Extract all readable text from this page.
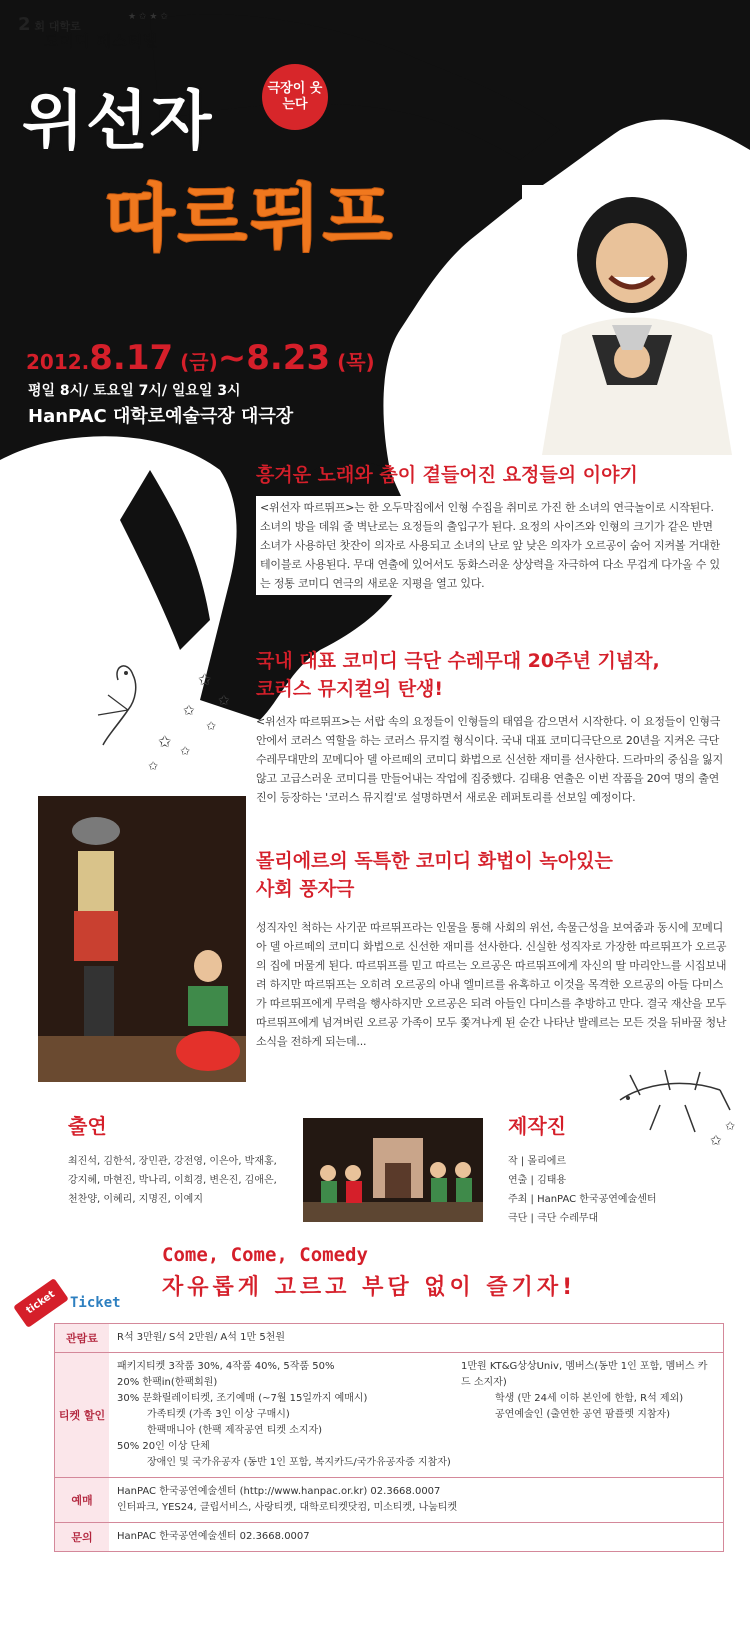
2 회 대학로
도미디 페스티벌
★ ✩ ★ ✩
위선자	극장이 웃는다
따르뛰프
2012.8.17 (금)~8.23 (목)
평일 8시/ 토요일 7시/ 일요일 3시
HanPAC 대학로예술극장 대극장
흥겨운 노래와 춤이 곁들어진 요정들의 이야기
<위선자 따르뛰프>는 한 오두막집에서 인형 수집을 취미로 가진 한 소녀의 연극놀이로 시작된다. 소녀의 방을 데워 줄 벽난로는 요정들의 출입구가 된다. 요정의 사이즈와 인형의 크기가 같은 반면 소녀가 사용하던 찻잔이 의자로 사용되고 소녀의 난로 앞 낮은 의자가 오르공이 숨어 지켜볼 거대한 테이블로 사용된다. 무대 연출에 있어서도 동화스러운 상상력을 자극하여 다소 무겁게 다가올 수 있는 정통 코미디 연극의 새로운 지평을 열고 있다.
국내 대표 코미디 극단 수레무대 20주년 기념작,
코러스 뮤지컬의 탄생!
<위선자 따르뛰프>는 서랍 속의 요정들이 인형들의 태엽을 감으면서 시작한다. 이 요정들이 인형극 안에서 코러스 역할을 하는 코러스 뮤지컬 형식이다. 국내 대표 코미디극단으로 20년을 지켜온 극단 수레무대만의 꼬메디아 델 아르떼의 코미디 화법으로 신선한 재미를 선사한다. 드라마의 중심을 잃지 않고 고급스러운 코미디를 만들어내는 작업에 집중했다. 김태용 연출은 이번 작품을 20여 명의 출연진이 등장하는 '코러스 뮤지컬'로 설명하면서 새로운 레퍼토리를 선보일 예정이다.
✩
✩
✩
✩
✩ ✩
✩
몰리에르의 독특한 코미디 화법이 녹아있는
사회 풍자극
성직자인 척하는 사기꾼 따르뛰프라는 인물을 통해 사회의 위선, 속물근성을 보여줌과 동시에 꼬메디아 델 아르떼의 코미디 화법으로 신선한 재미를 선사한다. 신실한 성직자로 가장한 따르뛰프가 오르공의 집에 머물게 된다. 따르뛰프를 믿고 따르는 오르공은 따르뛰프에게 자신의 딸 마리안느를 시집보내려 하지만 따르뛰프는 오히려 오르공의 아내 엘미르를 유혹하고 이것을 목격한 오르공의 아들 다미스가 따르뛰프에게 무력을 행사하지만 오르공은 되려 아들인 다미스를 추방하고 만다. 결국 재산을 모두 따르뛰프에게 넘겨버린 오르공 가족이 모두 쫓겨나게 된 순간 나타난 발레르는 모든 것을 뒤바꿀 청난 소식을 전하게 되는데...
✩
✩
출연
최진석, 김한석, 장민관, 강전영, 이은아, 박재홍,
강지혜, 마현진, 박나리, 이희경, 변은진, 김애은,
천찬양, 이혜리, 지명진, 이예지
제작진
작 | 몰리에르
연출 | 김태용
주최 | HanPAC 한국공연예술센터
극단 | 극단 수레무대
Come, Come, Comedy
자유롭게 고르고 부담 없이 즐기자!
ticket Ticket
관람료	R석 3만원/ S석 2만원/ A석 1만 5천원
티켓 할인
패키지티켓 3작품 30%, 4작품 40%, 5작품 50%
20% 한팩in(한팩회원)
30% 문화릴레이티켓, 조기예매 (~7월 15일까지 예매시)
가족티켓 (가족 3인 이상 구매시)
한팩매니아 (한팩 제작공연 티켓 소지자)
50% 20인 이상 단체
장애인 및 국가유공자 (동반 1인 포함, 복지카드/국가유공자증 지참자)
1만원 KT&G상상Univ, 멤버스(동반 1인 포함, 멤버스 카드 소지자)
학생 (만 24세 이하 본인에 한함, R석 제외)
공연예술인 (출연한 공연 팜플렛 지참자)
예매
HanPAC 한국공연예술센터 (http://www.hanpac.or.kr) 02.3668.0007
인터파크, YES24, 클립서비스, 사랑티켓, 대학로티켓닷컴, 미소티켓, 나눔티켓
문의	HanPAC 한국공연예술센터 02.3668.0007
